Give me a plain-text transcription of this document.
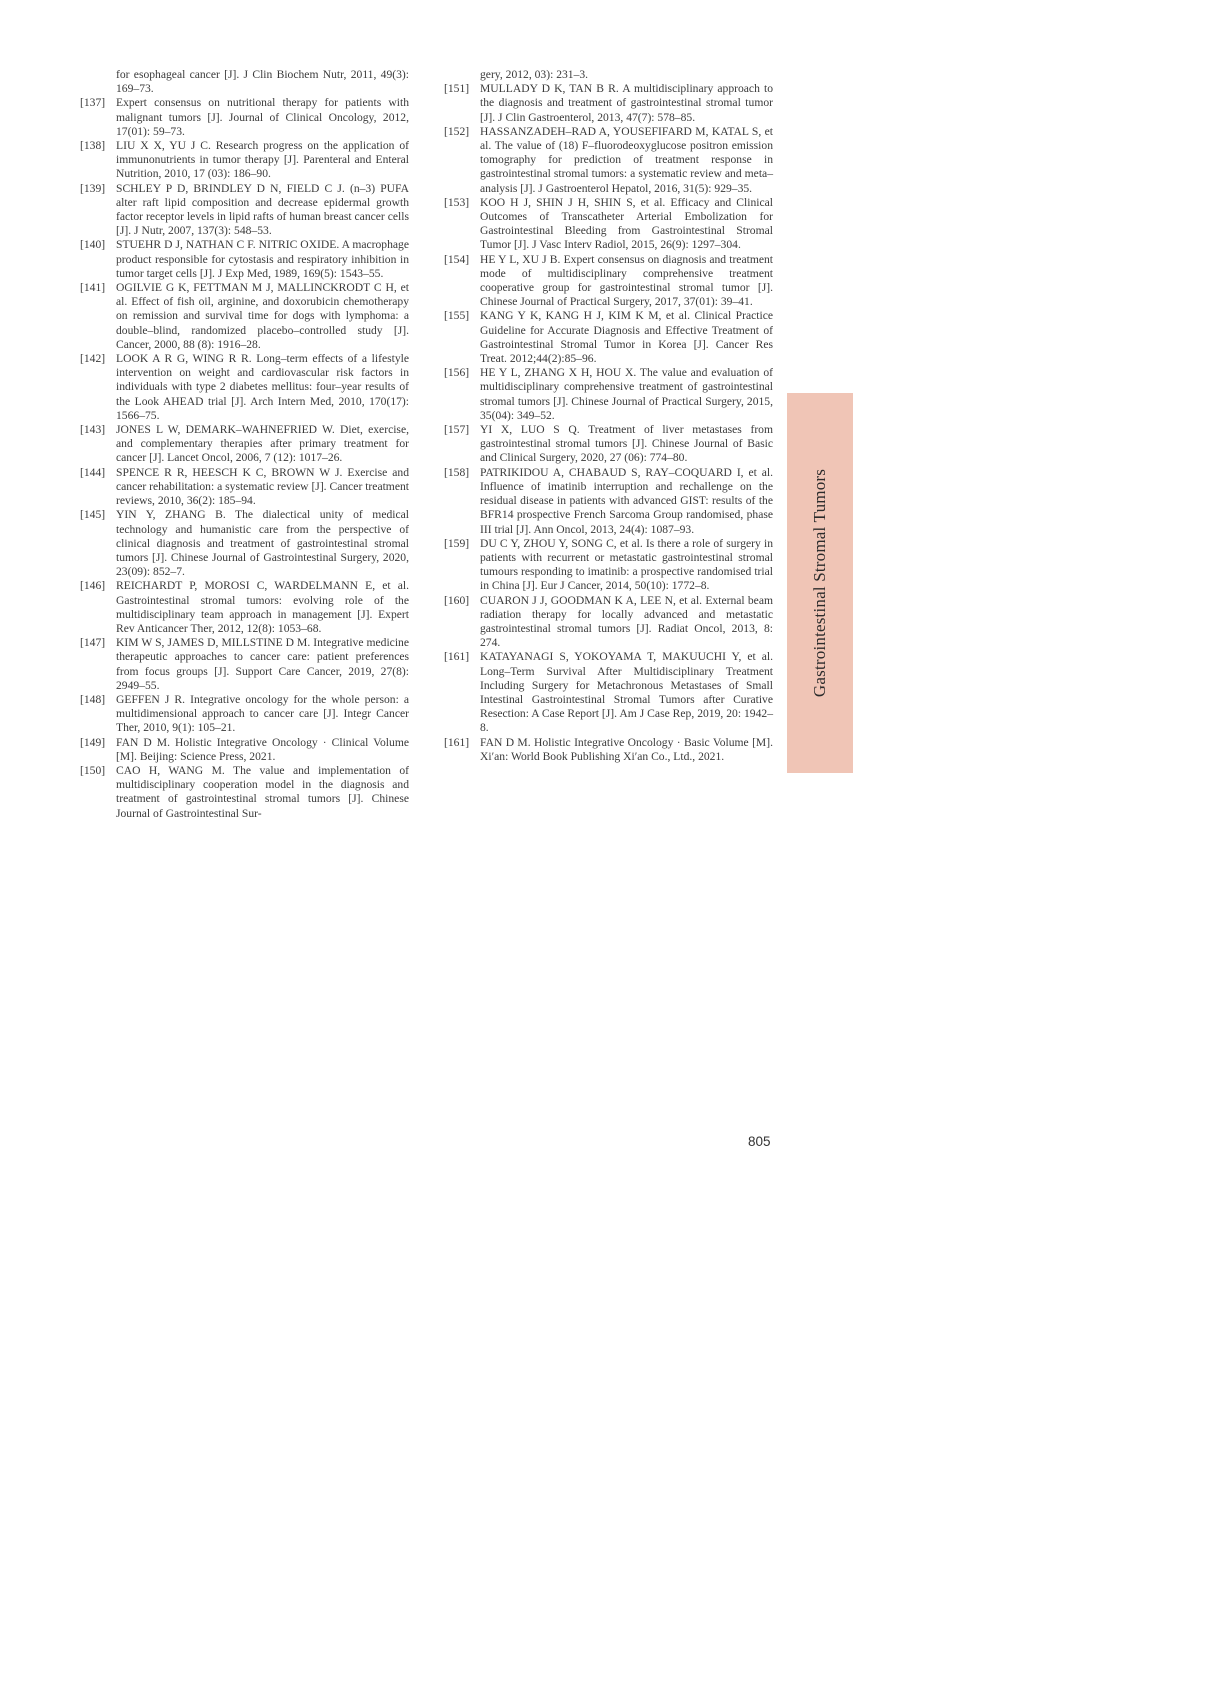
for esophageal cancer [J]. J Clin Biochem Nutr, 2011, 49(3): 169–73.
[137] Expert consensus on nutritional therapy for patients with malignant tumors [J]. Journal of Clinical Oncology, 2012, 17(01): 59–73.
[138] LIU X X, YU J C. Research progress on the application of immunonutrients in tumor therapy [J]. Parenteral and Enteral Nutrition, 2010, 17 (03): 186–90.
[139] SCHLEY P D, BRINDLEY D N, FIELD C J. (n–3) PUFA alter raft lipid composition and decrease epidermal growth factor receptor levels in lipid rafts of human breast cancer cells [J]. J Nutr, 2007, 137(3): 548–53.
[140] STUEHR D J, NATHAN C F. NITRIC OXIDE. A macrophage product responsible for cytostasis and respiratory inhibition in tumor target cells [J]. J Exp Med, 1989, 169(5): 1543–55.
[141] OGILVIE G K, FETTMAN M J, MALLINCKRODT C H, et al. Effect of fish oil, arginine, and doxorubicin chemotherapy on remission and survival time for dogs with lymphoma: a double–blind, randomized placebo–controlled study [J]. Cancer, 2000, 88 (8): 1916–28.
[142] LOOK A R G, WING R R. Long–term effects of a lifestyle intervention on weight and cardiovascular risk factors in individuals with type 2 diabetes mellitus: four–year results of the Look AHEAD trial [J]. Arch Intern Med, 2010, 170(17): 1566–75.
[143] JONES L W, DEMARK–WAHNEFRIED W. Diet, exercise, and complementary therapies after primary treatment for cancer [J]. Lancet Oncol, 2006, 7 (12): 1017–26.
[144] SPENCE R R, HEESCH K C, BROWN W J. Exercise and cancer rehabilitation: a systematic review [J]. Cancer treatment reviews, 2010, 36(2): 185–94.
[145] YIN Y, ZHANG B. The dialectical unity of medical technology and humanistic care from the perspective of clinical diagnosis and treatment of gastrointestinal stromal tumors [J]. Chinese Journal of Gastrointestinal Surgery, 2020, 23(09): 852–7.
[146] REICHARDT P, MOROSI C, WARDELMANN E, et al. Gastrointestinal stromal tumors: evolving role of the multidisciplinary team approach in management [J]. Expert Rev Anticancer Ther, 2012, 12(8): 1053–68.
[147] KIM W S, JAMES D, MILLSTINE D M. Integrative medicine therapeutic approaches to cancer care: patient preferences from focus groups [J]. Support Care Cancer, 2019, 27(8): 2949–55.
[148] GEFFEN J R. Integrative oncology for the whole person: a multidimensional approach to cancer care [J]. Integr Cancer Ther, 2010, 9(1): 105–21.
[149] FAN D M. Holistic Integrative Oncology · Clinical Volume [M]. Beijing: Science Press, 2021.
[150] CAO H, WANG M. The value and implementation of multidisciplinary cooperation model in the diagnosis and treatment of gastrointestinal stromal tumors [J]. Chinese Journal of Gastrointestinal Sur-
gery, 2012, 03): 231–3.
[151] MULLADY D K, TAN B R. A multidisciplinary approach to the diagnosis and treatment of gastrointestinal stromal tumor [J]. J Clin Gastroenterol, 2013, 47(7): 578–85.
[152] HASSANZADEH–RAD A, YOUSEFIFARD M, KATAL S, et al. The value of (18) F–fluorodeoxyglucose positron emission tomography for prediction of treatment response in gastrointestinal stromal tumors: a systematic review and meta–analysis [J]. J Gastroenterol Hepatol, 2016, 31(5): 929–35.
[153] KOO H J, SHIN J H, SHIN S, et al. Efficacy and Clinical Outcomes of Transcatheter Arterial Embolization for Gastrointestinal Bleeding from Gastrointestinal Stromal Tumor [J]. J Vasc Interv Radiol, 2015, 26(9): 1297–304.
[154] HE Y L, XU J B. Expert consensus on diagnosis and treatment mode of multidisciplinary comprehensive treatment cooperative group for gastrointestinal stromal tumor [J]. Chinese Journal of Practical Surgery, 2017, 37(01): 39–41.
[155] KANG Y K, KANG H J, KIM K M, et al. Clinical Practice Guideline for Accurate Diagnosis and Effective Treatment of Gastrointestinal Stromal Tumor in Korea [J]. Cancer Res Treat. 2012;44(2):85–96.
[156] HE Y L, ZHANG X H, HOU X. The value and evaluation of multidisciplinary comprehensive treatment of gastrointestinal stromal tumors [J]. Chinese Journal of Practical Surgery, 2015, 35(04): 349–52.
[157] YI X, LUO S Q. Treatment of liver metastases from gastrointestinal stromal tumors [J]. Chinese Journal of Basic and Clinical Surgery, 2020, 27 (06): 774–80.
[158] PATRIKIDOU A, CHABAUD S, RAY–COQUARD I, et al. Influence of imatinib interruption and rechallenge on the residual disease in patients with advanced GIST: results of the BFR14 prospective French Sarcoma Group randomised, phase III trial [J]. Ann Oncol, 2013, 24(4): 1087–93.
[159] DU C Y, ZHOU Y, SONG C, et al. Is there a role of surgery in patients with recurrent or metastatic gastrointestinal stromal tumours responding to imatinib: a prospective randomised trial in China [J]. Eur J Cancer, 2014, 50(10): 1772–8.
[160] CUARON J J, GOODMAN K A, LEE N, et al. External beam radiation therapy for locally advanced and metastatic gastrointestinal stromal tumors [J]. Radiat Oncol, 2013, 8: 274.
[161] KATAYANAGI S, YOKOYAMA T, MAKUUCHI Y, et al. Long–Term Survival After Multidisciplinary Treatment Including Surgery for Metachronous Metastases of Small Intestinal Gastrointestinal Stromal Tumors after Curative Resection: A Case Report [J]. Am J Case Rep, 2019, 20: 1942–8.
[161] FAN D M. Holistic Integrative Oncology · Basic Volume [M]. Xi′an: World Book Publishing Xi′an Co., Ltd., 2021.
Gastrointestinal Stromal Tumors
805
